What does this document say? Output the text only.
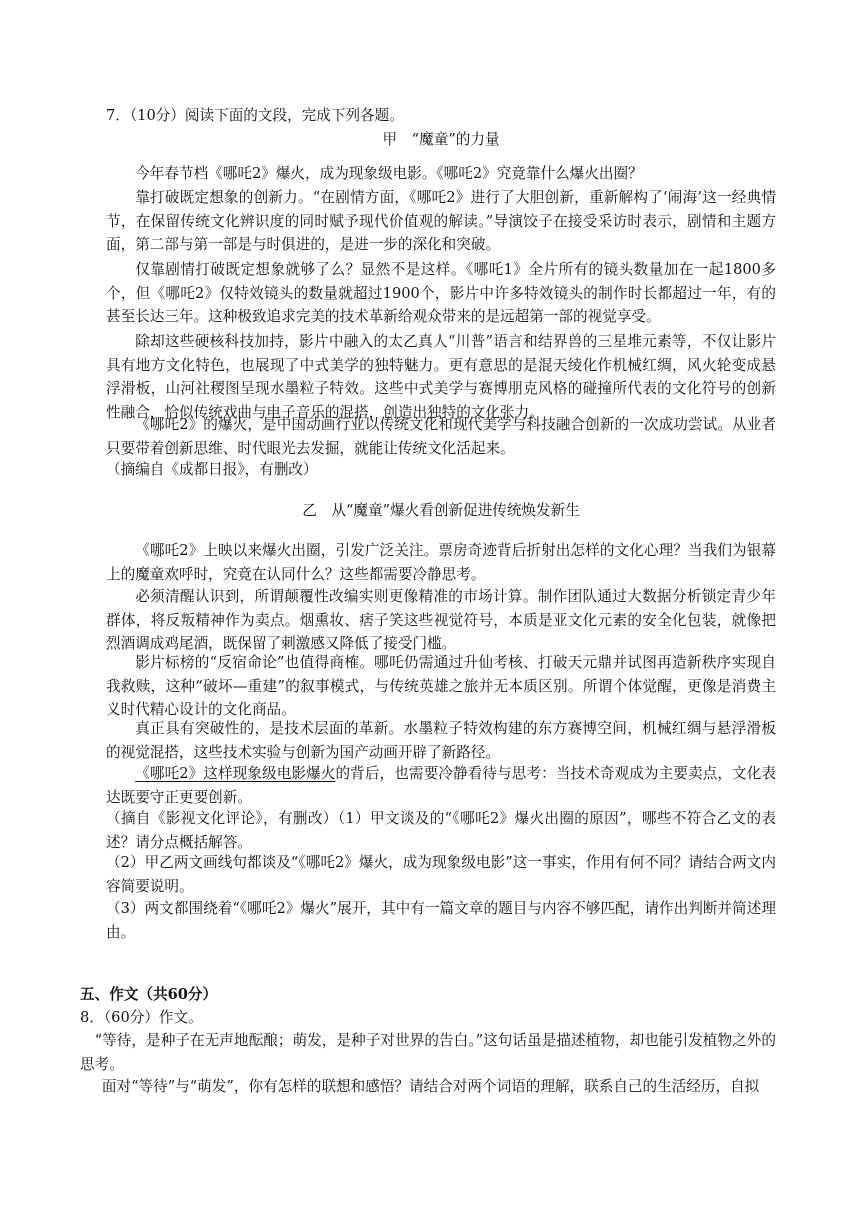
7．（10分）阅读下面的文段，完成下列各题。

甲　“魔童”的力量

今年春节档《哪吒2》爆火，成为现象级电影。《哪吒2》究竟靠什么爆火出圈？

靠打破既定想象的创新力。“在剧情方面，《哪吒2》进行了大胆创新，重新解构了‘闹海’这一经典情节，在保留传统文化辨识度的同时赋予现代价值观的解读。”导演饺子在接受采访时表示，剧情和主题方面，第二部与第一部是与时俱进的，是进一步的深化和突破。

仅靠剧情打破既定想象就够了么？显然不是这样。《哪吒1》全片所有的镜头数量加在一起1800多个，但《哪吒2》仅特效镜头的数量就超过1900个，影片中许多特效镜头的制作时长都超过一年，有的甚至长达三年。这种极致追求完美的技术革新给观众带来的是远超第一部的视觉享受。

除却这些硬核科技加持，影片中融入的太乙真人“川普”语言和结界兽的三星堆元素等，不仅让影片具有地方文化特色，也展现了中式美学的独特魅力。更有意思的是混天绫化作机械红绸，风火轮变成悬浮滑板，山河社稷图呈现水墨粒子特效。这些中式美学与赛博朋克风格的碰撞所代表的文化符号的创新性融合，恰似传统戏曲与电子音乐的混搭，创造出独特的文化张力。

《哪吒2》的爆火，是中国动画行业以传统文化和现代美学与科技融合创新的一次成功尝试。从业者只要带着创新思维、时代眼光去发掘，就能让传统文化活起来。

（摘编自《成都日报》，有删改）

乙　从“魔童”爆火看创新促进传统焕发新生

《哪吒2》上映以来爆火出圈，引发广泛关注。票房奇迹背后折射出怎样的文化心理？当我们为银幕上的魔童欢呼时，究竟在认同什么？这些都需要冷静思考。

必须清醒认识到，所谓颠覆性改编实则更像精准的市场计算。制作团队通过大数据分析锁定青少年群体，将反叛精神作为卖点。烟熏妆、痞子笑这些视觉符号，本质是亚文化元素的安全化包装，就像把烈酒调成鸡尾酒，既保留了刺激感又降低了接受门槛。

影片标榜的“反宿命论”也值得商榷。哪吒仍需通过升仙考核、打破天元鼎并试图再造新秩序实现自我救赎，这种“破坏—重建”的叙事模式，与传统英雄之旅并无本质区别。所谓个体觉醒，更像是消费主义时代精心设计的文化商品。

真正具有突破性的，是技术层面的革新。水墨粒子特效构建的东方赛博空间，机械红绸与悬浮滑板的视觉混搭，这些技术实验与创新为国产动画开辟了新路径。

《哪吒2》这样现象级电影爆火的背后，也需要冷静看待与思考：当技术奇观成为主要卖点，文化表达既要守正更要创新。

（摘自《影视文化评论》，有删改）（1）甲文谈及的“《哪吒2》爆火出圈的原因”，哪些不符合乙文的表述？请分点概括解答。

（2）甲乙两文画线句都谈及“《哪吒2》爆火，成为现象级电影”这一事实，作用有何不同？请结合两文内容简要说明。

（3）两文都围绕着“《哪吒2》爆火”展开，其中有一篇文章的题目与内容不够匹配，请作出判断并简述理由。

五、作文（共60分）

8．（60分）作文。

“等待，是种子在无声地酝酿；萌发，是种子对世界的告白。”这句话虽是描述植物，却也能引发植物之外的思考。

面对“等待”与“萌发”，你有怎样的联想和感悟？请结合对两个词语的理解，联系自己的生活经历，自拟
